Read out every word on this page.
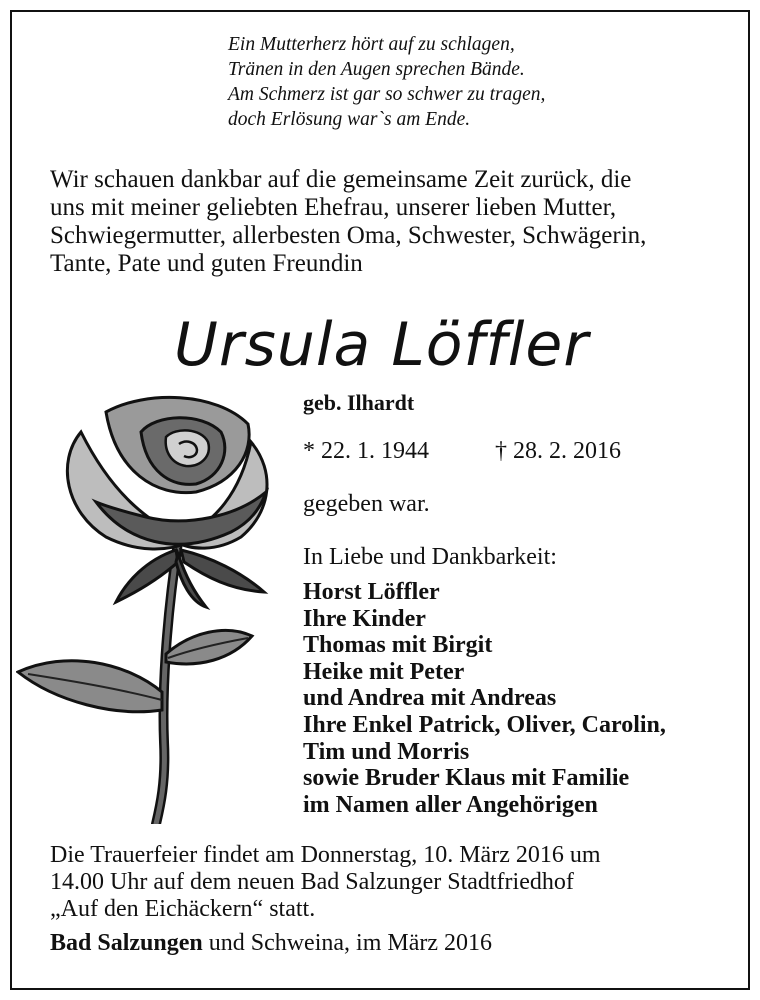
Ein Mutterherz hört auf zu schlagen,
Tränen in den Augen sprechen Bände.
Am Schmerz ist gar so schwer zu tragen,
doch Erlösung war`s am Ende.
Wir schauen dankbar auf die gemeinsame Zeit zurück, die
uns mit meiner geliebten Ehefrau, unserer lieben Mutter,
Schwiegermutter, allerbesten Oma, Schwester, Schwägerin,
Tante, Pate und guten Freundin
Ursula Löffler
geb. Ilhardt
* 22. 1. 1944	† 28. 2. 2016
gegeben war.
In Liebe und Dankbarkeit:
Horst Löffler
Ihre Kinder
Thomas mit Birgit
Heike mit Peter
und Andrea mit Andreas
Ihre Enkel Patrick, Oliver, Carolin,
Tim und Morris
sowie Bruder Klaus mit Familie
im Namen aller Angehörigen
Die Trauerfeier findet am Donnerstag, 10. März 2016 um
14.00 Uhr auf dem neuen Bad Salzunger Stadtfriedhof
„Auf den Eichäckern“ statt.
Bad Salzungen und Schweina, im März 2016
